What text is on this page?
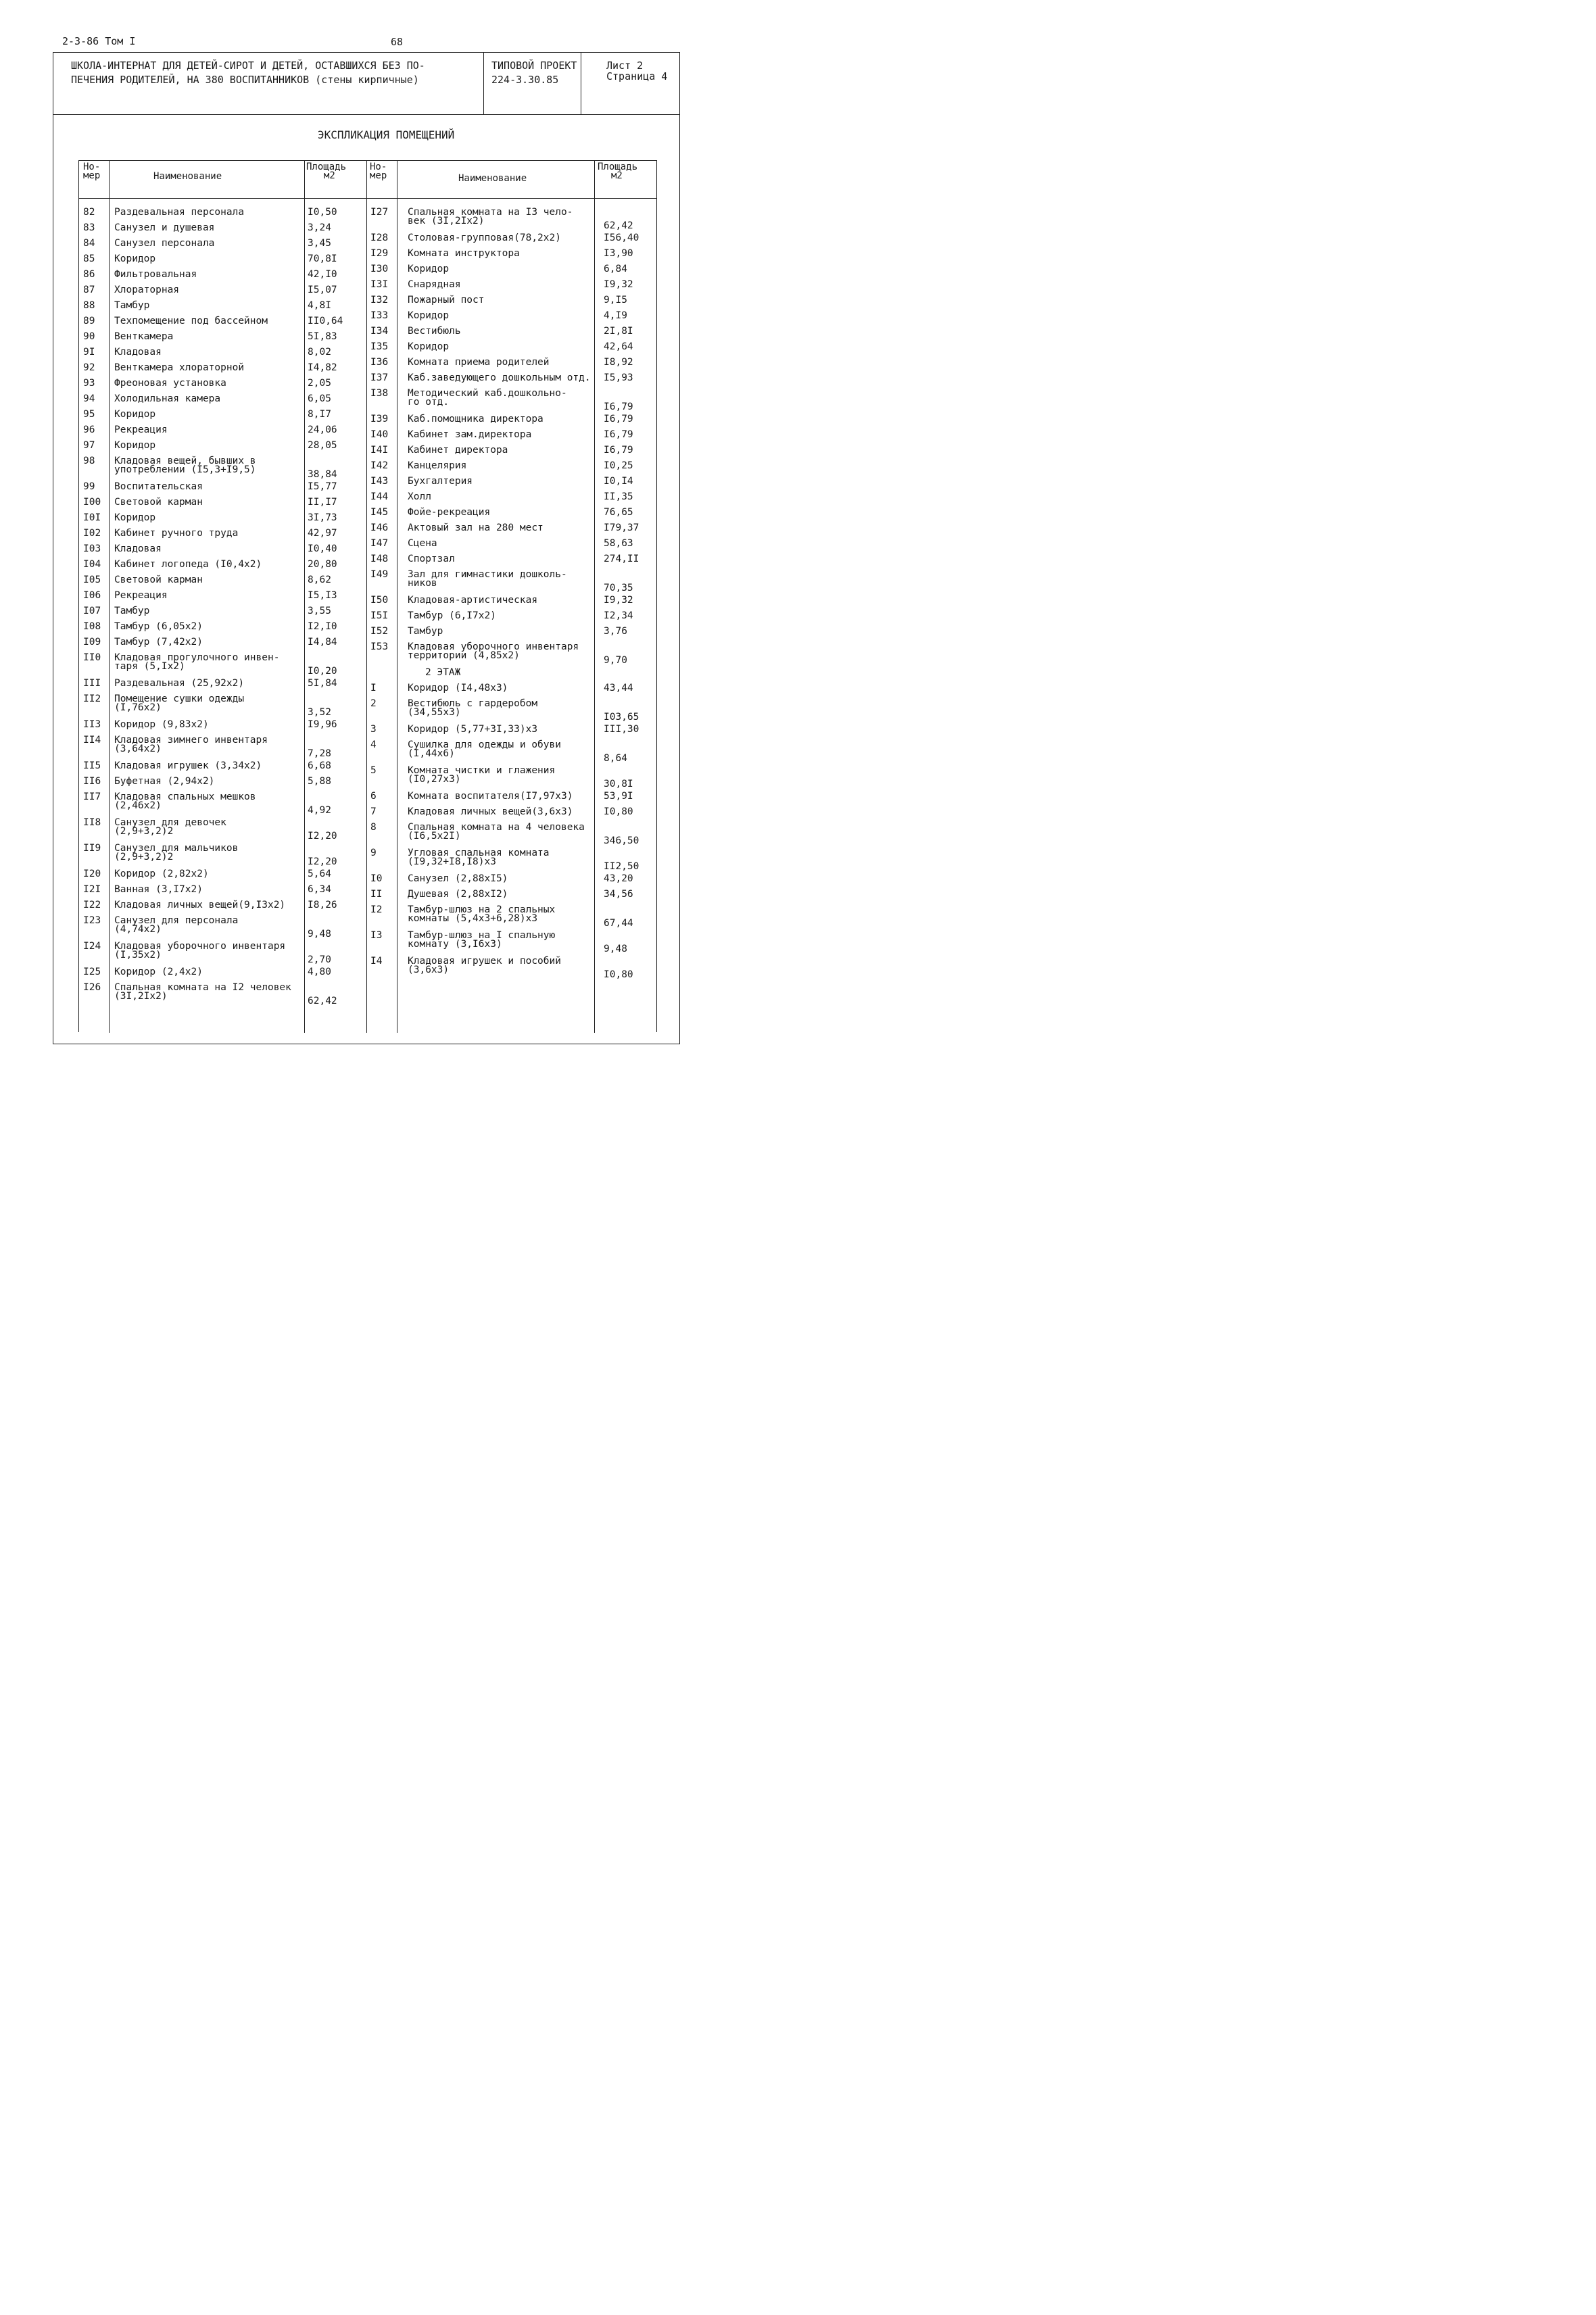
2-3-86 Том I	68
ШКОЛА-ИНТЕРНАТ ДЛЯ ДЕТЕЙ-СИРОТ И ДЕТЕЙ, ОСТАВШИХСЯ БЕЗ ПО-
ПЕЧЕНИЯ РОДИТЕЛЕЙ, НА 380 ВОСПИТАННИКОВ (стены кирпичные)
ТИПОВОЙ ПРОЕКТ
224-3.30.85
Лист 2
Страница 4
ЭКСПЛИКАЦИЯ ПОМЕЩЕНИЙ
Но-
мер	Наименование
Площадь
м2
Но-
мер	Наименование
Площадь
м2
82 Раздевальная персонала	I0,50
83 Санузел и душевая	3,24
84 Санузел персонала	3,45
85 Коридор	70,8I
86 Фильтровальная	42,I0
87 Хлораторная	I5,07
88 Тамбур	4,8I
89 Техпомещение под бассейном	II0,64
90 Венткамера	5I,83
9I Кладовая	8,02
92 Венткамера хлораторной	I4,82
93 Фреоновая установка	2,05
94 Холодильная камера	6,05
95 Коридор	8,I7
96 Рекреация	24,06
97 Коридор	28,05
98 Кладовая вещей, бывших в
употреблении (I5,3+I9,5)	38,84
99 Воспитательская	I5,77
I00 Световой карман	II,I7
I0I Коридор	3I,73
I02 Кабинет ручного труда	42,97
I03 Кладовая	I0,40
I04 Кабинет логопеда (I0,4х2)	20,80
I05 Световой карман	8,62
I06 Рекреация	I5,I3
I07 Тамбур	3,55
I08 Тамбур (6,05х2)	I2,I0
I09 Тамбур (7,42х2)	I4,84
II0 Кладовая прогулочного инвен-
таря (5,Iх2)	I0,20
III Раздевальная (25,92х2)	5I,84
II2 Помещение сушки одежды
(I,76х2)	3,52
II3 Коридор (9,83х2)	I9,96
II4 Кладовая зимнего инвентаря
(3,64х2)	7,28
II5 Кладовая игрушек (3,34х2)	6,68
II6 Буфетная (2,94х2)	5,88
II7 Кладовая спальных мешков
(2,46х2)	4,92
II8 Санузел для девочек
(2,9+3,2)2	I2,20
II9 Санузел для мальчиков
(2,9+3,2)2	I2,20
I20 Коридор (2,82х2)	5,64
I2I Ванная (3,I7х2)	6,34
I22 Кладовая личных вещей(9,I3х2) I8,26
I23 Санузел для персонала
(4,74х2)	9,48
I24 Кладовая уборочного инвентаря
(I,35х2)	2,70
I25 Коридор (2,4х2)	4,80
I26 Спальная комната на I2 человек
(3I,2Iх2)	62,42
I27 Спальная комната на I3 чело-
век (3I,2Iх2)	62,42
I28 Столовая-групповая(78,2х2)	I56,40
I29 Комната инструктора	I3,90
I30 Коридор	6,84
I3I Снарядная	I9,32
I32 Пожарный пост	9,I5
I33 Коридор	4,I9
I34 Вестибюль	2I,8I
I35 Коридор	42,64
I36 Комната приема родителей	I8,92
I37 Каб.заведующего дошкольным отд. I5,93
I38 Методический каб.дошкольно-
го отд.	I6,79
I39 Каб.помощника директора	I6,79
I40 Кабинет зам.директора	I6,79
I4I Кабинет директора	I6,79
I42 Канцелярия	I0,25
I43 Бухгалтерия	I0,I4
I44 Холл	II,35
I45 Фойе-рекреация	76,65
I46 Актовый зал на 280 мест	I79,37
I47 Сцена	58,63
I48 Спортзал	274,II
I49 Зал для гимнастики дошколь-
ников	70,35
I50 Кладовая-артистическая	I9,32
I5I Тамбур (6,I7х2)	I2,34
I52 Тамбур	3,76
I53 Кладовая уборочного инвентаря
территории (4,85х2)	9,70
2 ЭТАЖ
I	Коридор (I4,48х3)	43,44
2	Вестибюль с гардеробом
(34,55х3)	I03,65
3	Коридор (5,77+3I,33)х3	III,30
4	Сушилка для одежды и обуви
(I,44х6)	8,64
5	Комната чистки и глажения
(I0,27х3)	30,8I
6	Комната воспитателя(I7,97х3)	53,9I
7	Кладовая личных вещей(3,6х3)	I0,80
8	Спальная комната на 4 человека
(I6,5х2I)	346,50
9	Угловая спальная комната
(I9,32+I8,I8)х3	II2,50
I0	Санузел (2,88хI5)	43,20
II	Душевая (2,88хI2)	34,56
I2	Тамбур-шлюз на 2 спальных
комнаты (5,4х3+6,28)х3	67,44
I3	Тамбур-шлюз на I спальную
комнату (3,I6х3)	9,48
I4	Кладовая игрушек и пособий
(3,6х3)	I0,80
